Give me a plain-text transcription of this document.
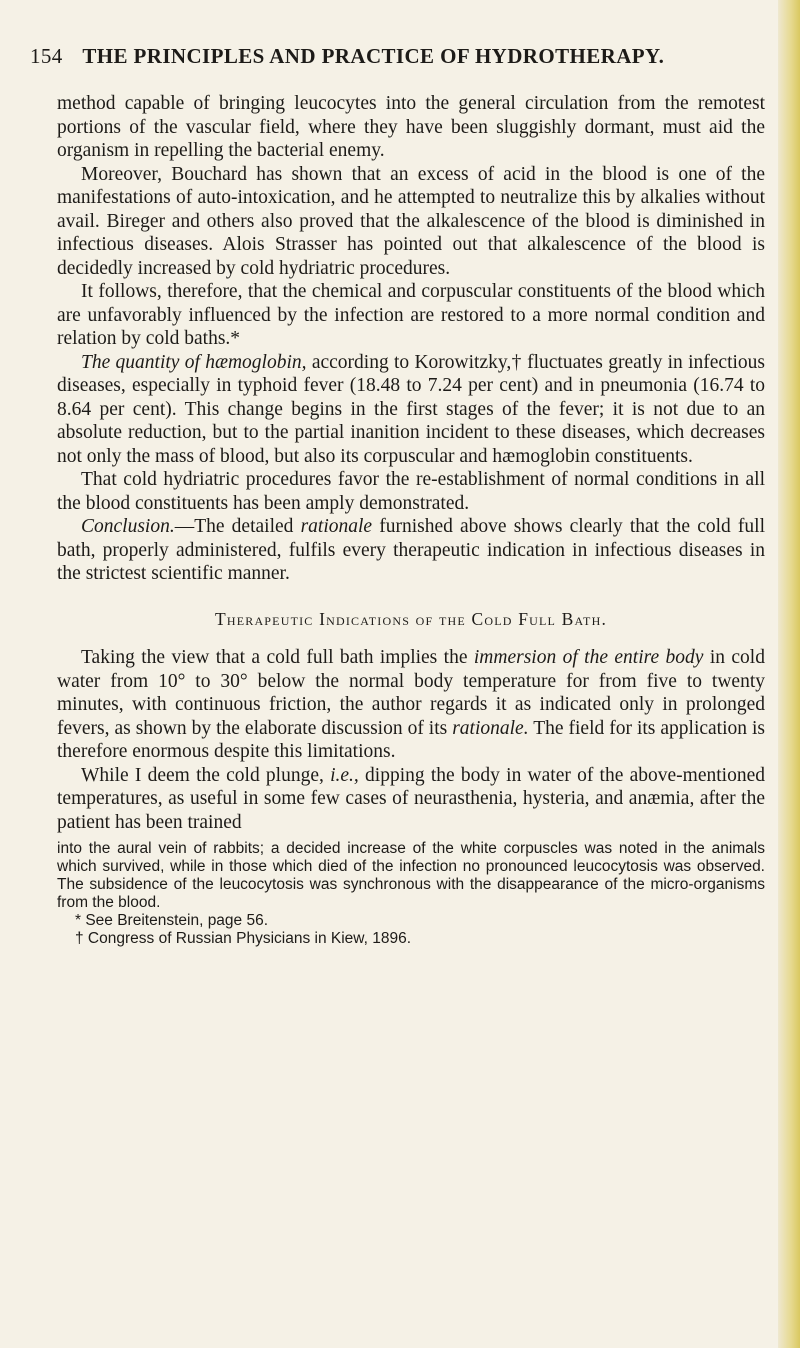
154 THE PRINCIPLES AND PRACTICE OF HYDROTHERAPY.

method capable of bringing leucocytes into the general circulation from the remotest portions of the vascular field, where they have been sluggishly dormant, must aid the organism in repelling the bacterial enemy.

Moreover, Bouchard has shown that an excess of acid in the blood is one of the manifestations of auto-intoxication, and he attempted to neutralize this by alkalies without avail. Bireger and others also proved that the alkalescence of the blood is diminished in infectious diseases. Alois Strasser has pointed out that alkalescence of the blood is decidedly increased by cold hydriatric procedures.

It follows, therefore, that the chemical and corpuscular constituents of the blood which are unfavorably influenced by the infection are restored to a more normal condition and relation by cold baths.*

The quantity of hæmoglobin, according to Korowitzky,† fluctuates greatly in infectious diseases, especially in typhoid fever (18.48 to 7.24 per cent) and in pneumonia (16.74 to 8.64 per cent). This change begins in the first stages of the fever; it is not due to an absolute reduction, but to the partial inanition incident to these diseases, which decreases not only the mass of blood, but also its corpuscular and hæmoglobin constituents.

That cold hydriatric procedures favor the re-establishment of normal conditions in all the blood constituents has been amply demonstrated.

Conclusion.—The detailed rationale furnished above shows clearly that the cold full bath, properly administered, fulfils every therapeutic indication in infectious diseases in the strictest scientific manner.

Therapeutic Indications of the Cold Full Bath.

Taking the view that a cold full bath implies the immersion of the entire body in cold water from 10° to 30° below the normal body temperature for from five to twenty minutes, with continuous friction, the author regards it as indicated only in prolonged fevers, as shown by the elaborate discussion of its rationale. The field for its application is therefore enormous despite this limitations.

While I deem the cold plunge, i.e., dipping the body in water of the above-mentioned temperatures, as useful in some few cases of neurasthenia, hysteria, and anæmia, after the patient has been trained

into the aural vein of rabbits; a decided increase of the white corpuscles was noted in the animals which survived, while in those which died of the infection no pronounced leucocytosis was observed. The subsidence of the leucocytosis was synchronous with the disappearance of the micro-organisms from the blood.

* See Breitenstein, page 56.

† Congress of Russian Physicians in Kiew, 1896.
